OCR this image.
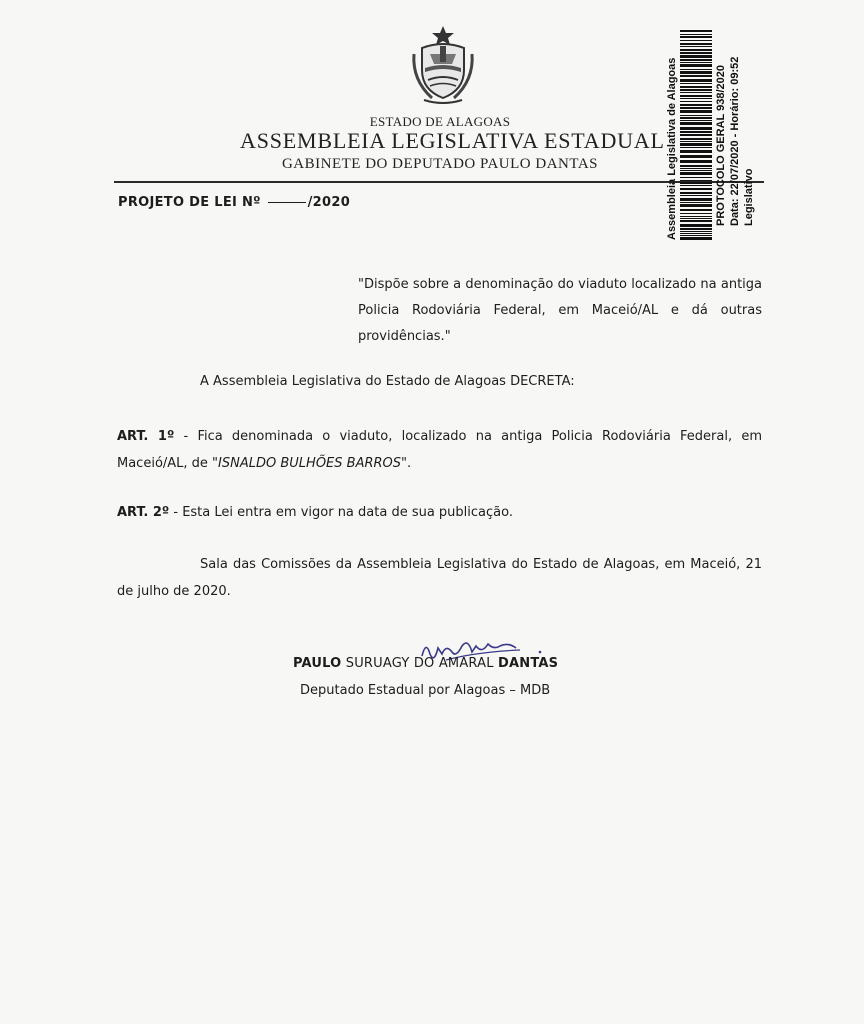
ESTADO DE ALAGOAS
ASSEMBLEIA LEGISLATIVA ESTADUAL
GABINETE DO DEPUTADO PAULO DANTAS	Assembleia Legislativa de Alagoas	PROTOCOLO GERAL 938/2020 Data: 22/07/2020 - Horário: 09:52 Legislativo
PROJETO DE LEI Nº	/2020
"Dispõe sobre a denominação do viaduto localizado na antiga Policia Rodoviária Federal, em Maceió/AL e dá outras providências."
A Assembleia Legislativa do Estado de Alagoas DECRETA:
ART. 1º - Fica denominada o viaduto, localizado na antiga Policia Rodoviária Federal, em Maceió/AL, de "ISNALDO BULHÕES BARROS".
ART. 2º - Esta Lei entra em vigor na data de sua publicação.
Sala das Comissões da Assembleia Legislativa do Estado de Alagoas, em Maceió, 21 de julho de 2020.
PAULO SURUAGY DO AMARAL DANTAS
Deputado Estadual por Alagoas – MDB
